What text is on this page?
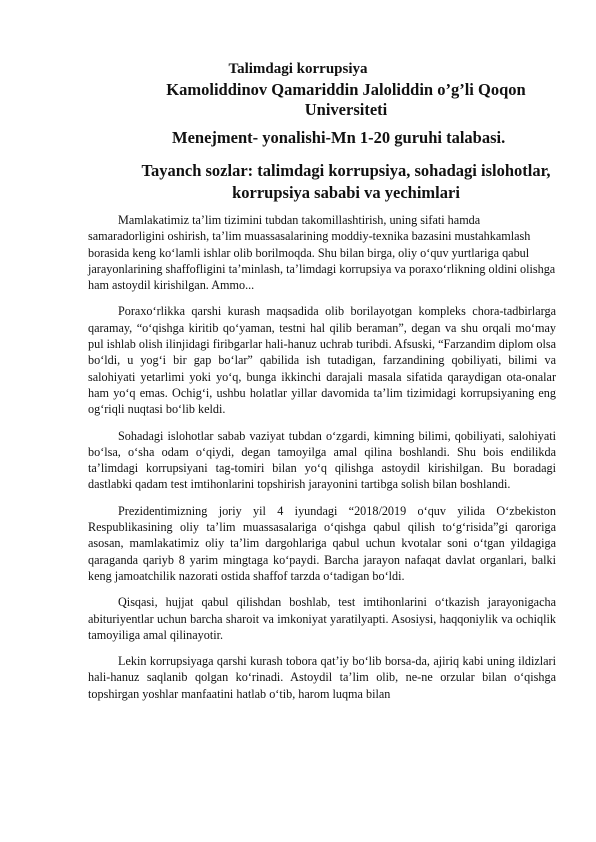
Talimdagi korrupsiya
Kamoliddinov Qamariddin Jaloliddin o’g’li Qoqon Universiteti
Menejment- yonalishi-Mn 1-20 guruhi talabasi.
Tayanch sozlar: talimdagi korrupsiya, sohadagi islohotlar, korrupsiya sababi va yechimlari

Mamlakatimiz ta’lim tizimini tubdan takomillashtirish, uning sifati hamda samaradorligini oshirish, ta’lim muassasalarining moddiy-texnika bazasini mustahkamlash borasida keng ko‘lamli ishlar olib borilmoqda. Shu bilan birga, oliy o‘quv yurtlariga qabul jarayonlarining shaffofligini ta’minlash, ta’limdagi korrupsiya va poraxo‘rlikning oldini olishga ham astoydil kirishilgan. Ammo...

Poraxo‘rlikka qarshi kurash maqsadida olib borilayotgan kompleks chora-tadbirlarga qaramay, “o‘qishga kiritib qo‘yaman, testni hal qilib beraman”, degan va shu orqali mo‘may pul ishlab olish ilinjidagi firibgarlar hali-hanuz uchrab turibdi. Afsuski, “Farzandim diplom olsa bo‘ldi, u yog‘i bir gap bo‘lar” qabilida ish tutadigan, farzandining qobiliyati, bilimi va salohiyati yetarlimi yoki yo‘q, bunga ikkinchi darajali masala sifatida qaraydigan ota-onalar ham yo‘q emas. Ochig‘i, ushbu holatlar yillar davomida ta’lim tizimidagi korrupsiyaning eng og‘riqli nuqtasi bo‘lib keldi.

Sohadagi islohotlar sabab vaziyat tubdan o‘zgardi, kimning bilimi, qobiliyati, salohiyati bo‘lsa, o‘sha odam o‘qiydi, degan tamoyilga amal qilina boshlandi. Shu bois endilikda ta’limdagi korrupsiyani tag-tomiri bilan yo‘q qilishga astoydil kirishilgan. Bu boradagi dastlabki qadam test imtihonlarini topshirish jarayonini tartibga solish bilan boshlandi.

Prezidentimizning joriy yil 4 iyundagi “2018/2019 o‘quv yilida O‘zbekiston Respublikasining oliy ta’lim muassasalariga o‘qishga qabul qilish to‘g‘risida”gi qaroriga asosan, mamlakatimiz oliy ta’lim dargohlariga qabul uchun kvotalar soni o‘tgan yildagiga qaraganda qariyb 8 yarim mingtaga ko‘paydi. Barcha jarayon nafaqat davlat organlari, balki keng jamoatchilik nazorati ostida shaffof tarzda o‘tadigan bo‘ldi.

Qisqasi, hujjat qabul qilishdan boshlab, test imtihonlarini o‘tkazish jarayonigacha abituriyentlar uchun barcha sharoit va imkoniyat yaratilyapti. Asosiysi, haqqoniylik va ochiqlik tamoyiliga amal qilinayotir.

Lekin korrupsiyaga qarshi kurash tobora qat’iy bo‘lib borsa-da, ajiriq kabi uning ildizlari hali-hanuz saqlanib qolgan ko‘rinadi. Astoydil ta’lim olib, ne-ne orzular bilan o‘qishga topshirgan yoshlar manfaatini hatlab o‘tib, harom luqma bilan
